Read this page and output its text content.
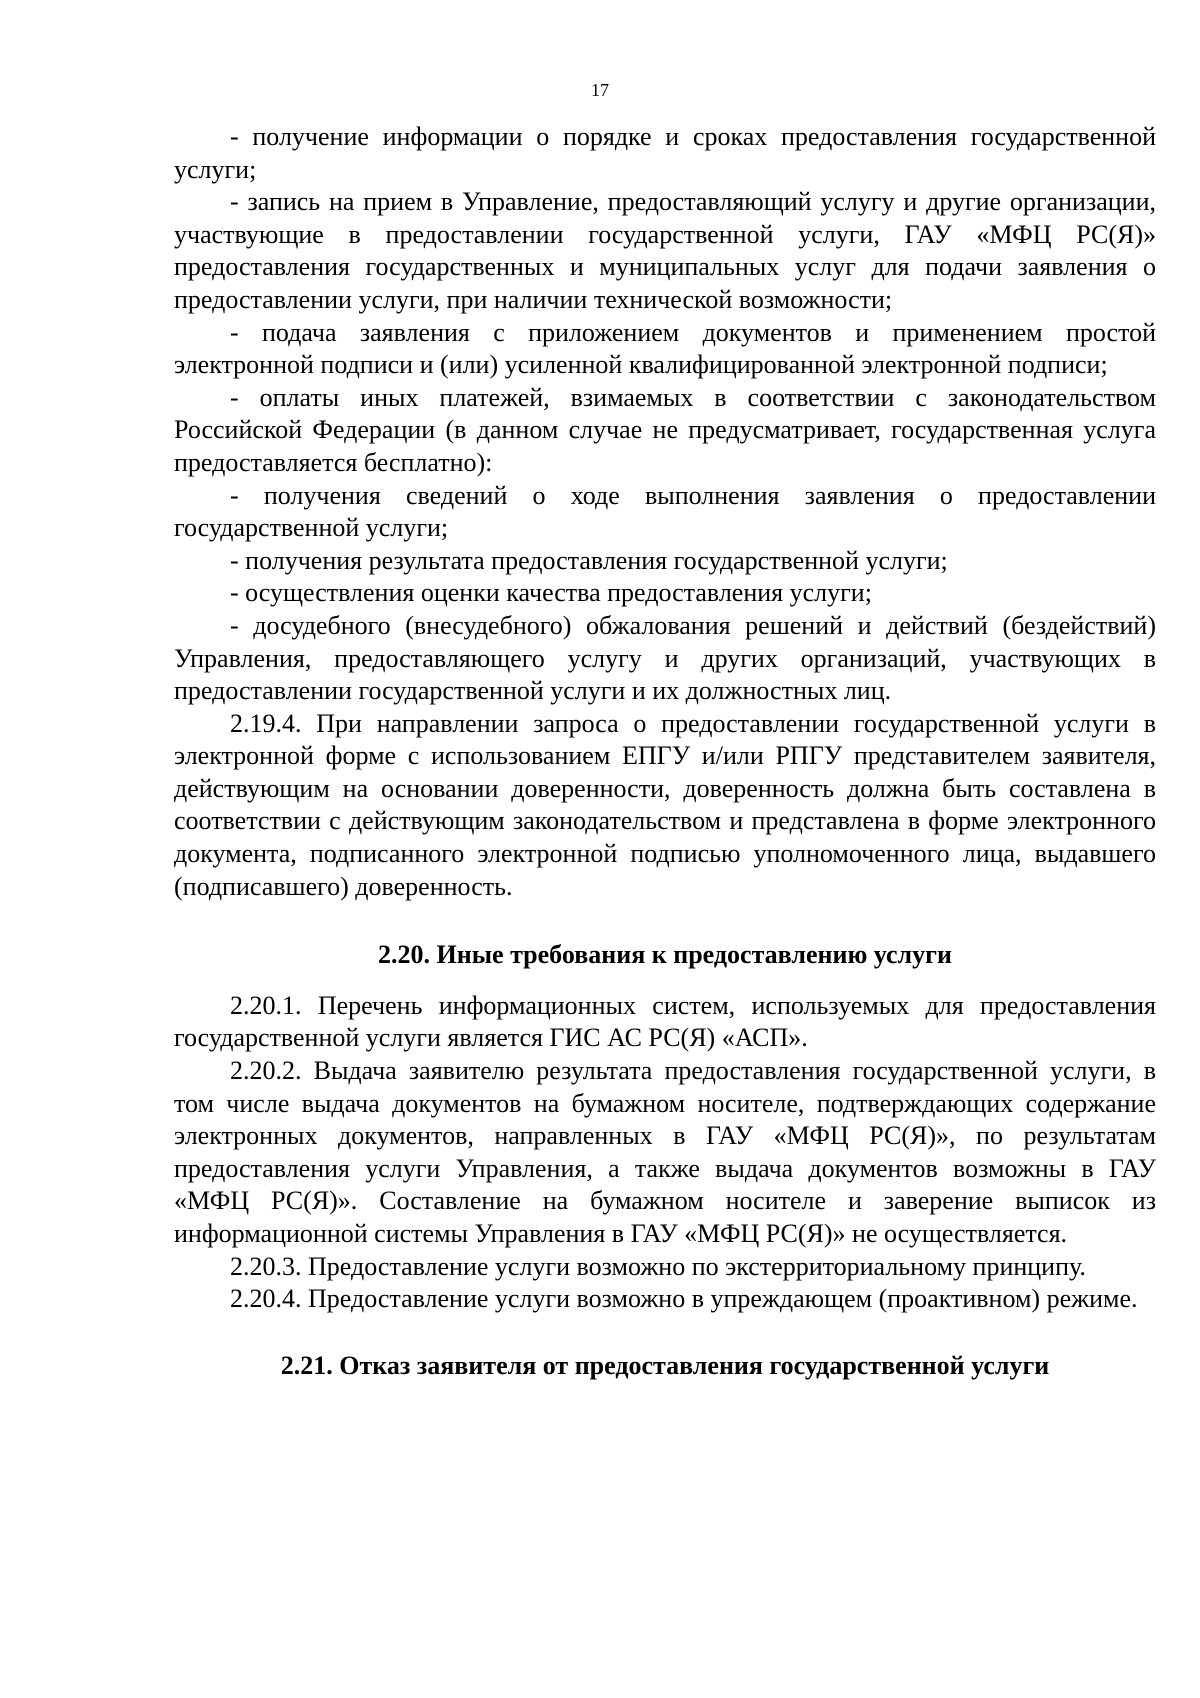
17

- получение информации о порядке и сроках предоставления государственной услуги;

- запись на прием в Управление, предоставляющий услугу и другие организации, участвующие в предоставлении государственной услуги, ГАУ «МФЦ РС(Я)» предоставления государственных и муниципальных услуг для подачи заявления о предоставлении услуги, при наличии технической возможности;

- подача заявления с приложением документов и применением простой электронной подписи и (или) усиленной квалифицированной электронной подписи;

- оплаты иных платежей, взимаемых в соответствии с законодательством Российской Федерации (в данном случае не предусматривает, государственная услуга предоставляется бесплатно):

- получения сведений о ходе выполнения заявления о предоставлении государственной услуги;

- получения результата предоставления государственной услуги;

- осуществления оценки качества предоставления услуги;

- досудебного (внесудебного) обжалования решений и действий (бездействий) Управления, предоставляющего услугу и других организаций, участвующих в предоставлении государственной услуги и их должностных лиц.

2.19.4. При направлении запроса о предоставлении государственной услуги в электронной форме с использованием ЕПГУ и/или РПГУ представителем заявителя, действующим на основании доверенности, доверенность должна быть составлена в соответствии с действующим законодательством и представлена в форме электронного документа, подписанного электронной подписью уполномоченного лица, выдавшего (подписавшего) доверенность.

2.20. Иные требования к предоставлению услуги

2.20.1. Перечень информационных систем, используемых для предоставления государственной услуги является ГИС АС РС(Я) «АСП».

2.20.2. Выдача заявителю результата предоставления государственной услуги, в том числе выдача документов на бумажном носителе, подтверждающих содержание электронных документов, направленных в ГАУ «МФЦ РС(Я)», по результатам предоставления услуги Управления, а также выдача документов возможны в ГАУ «МФЦ РС(Я)». Составление на бумажном носителе и заверение выписок из информационной системы Управления в ГАУ «МФЦ РС(Я)» не осуществляется.

2.20.3. Предоставление услуги возможно по экстерриториальному принципу.

2.20.4. Предоставление услуги возможно в упреждающем (проактивном) режиме.

2.21. Отказ заявителя от предоставления государственной услуги
